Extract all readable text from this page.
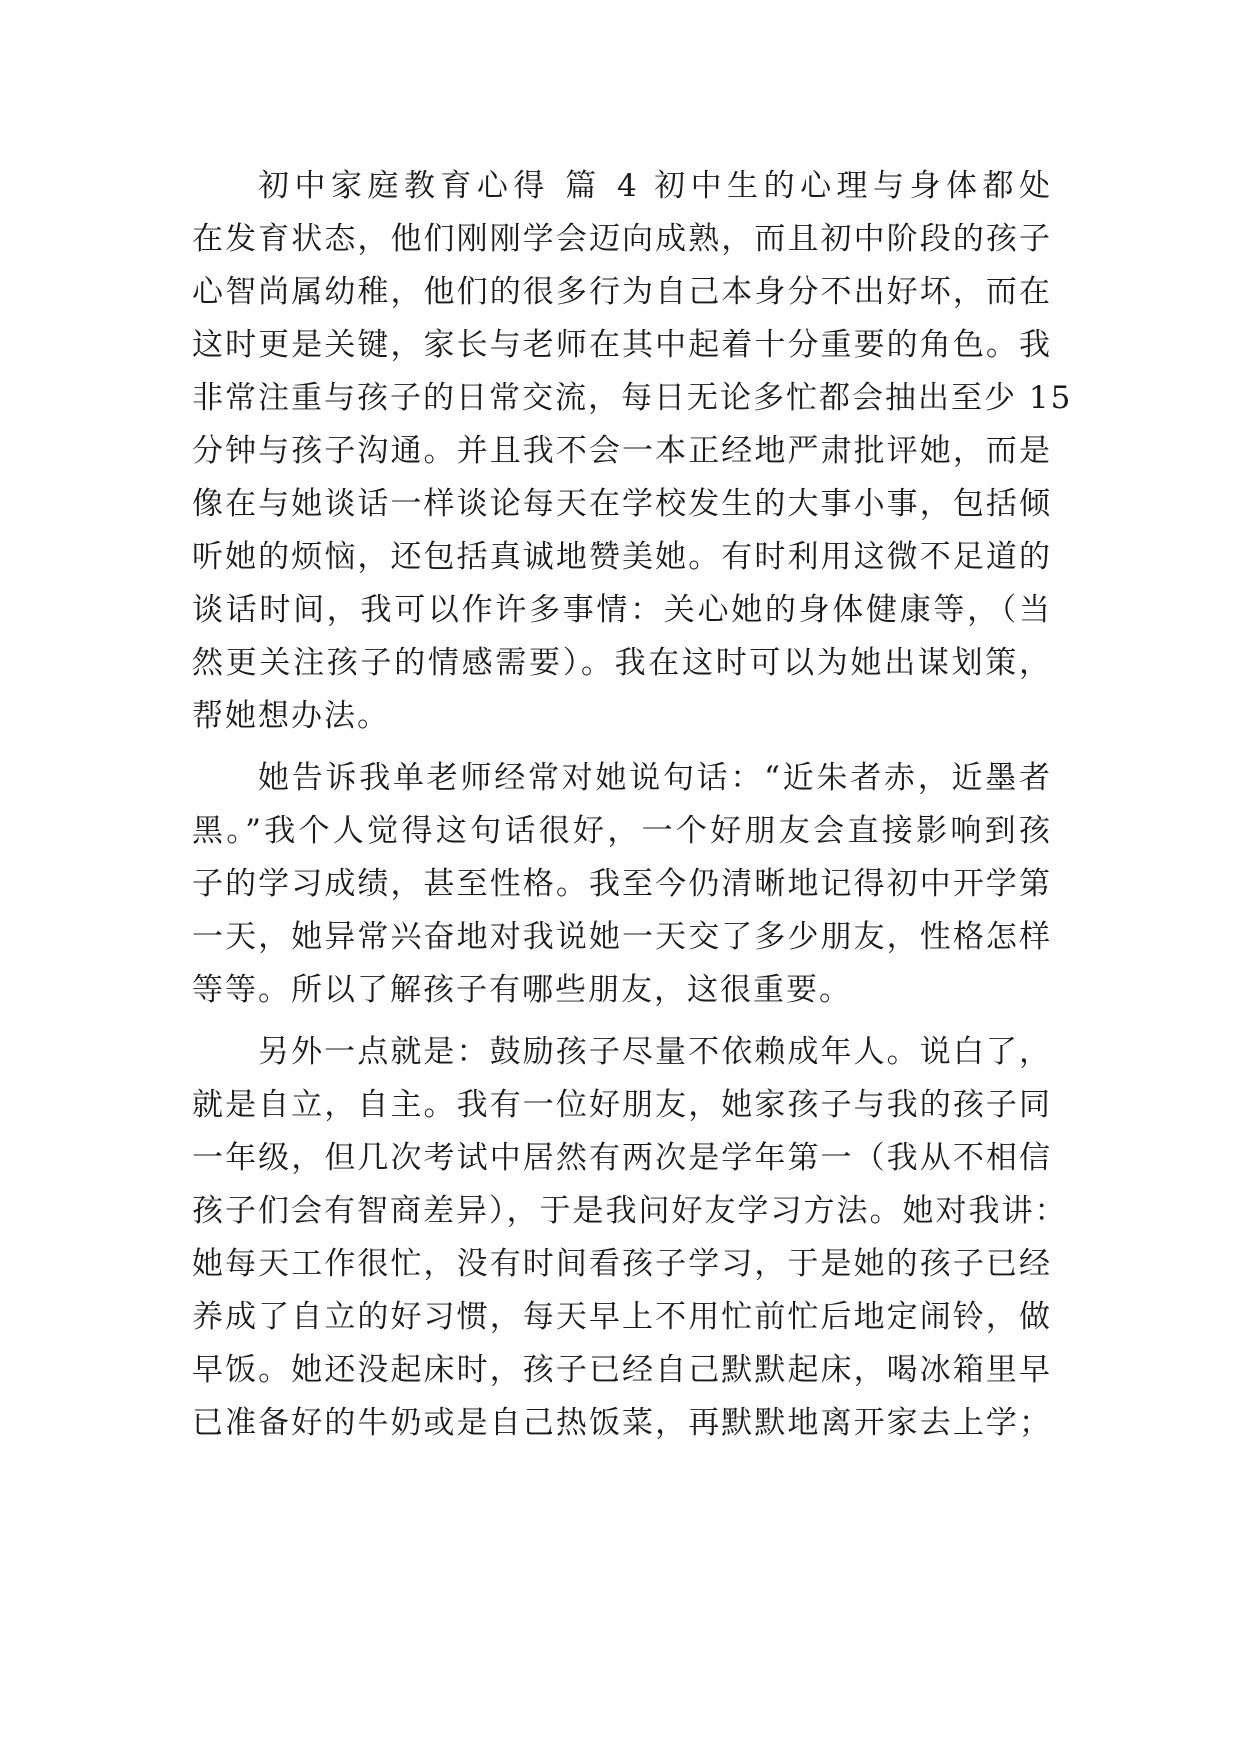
初中家庭教育心得 篇 4 初中生的心理与身体都处
在发育状态，他们刚刚学会迈向成熟，而且初中阶段的孩子
心智尚属幼稚，他们的很多行为自己本身分不出好坏，而在
这时更是关键，家长与老师在其中起着十分重要的角色。我
非常注重与孩子的日常交流，每日无论多忙都会抽出至少 15
分钟与孩子沟通。并且我不会一本正经地严肃批评她，而是
像在与她谈话一样谈论每天在学校发生的大事小事，包括倾
听她的烦恼，还包括真诚地赞美她。有时利用这微不足道的
谈话时间，我可以作许多事情：关心她的身体健康等，（当
然更关注孩子的情感需要）。我在这时可以为她出谋划策，
帮她想办法。
她告诉我单老师经常对她说句话：“近朱者赤，近墨者
黑。”我个人觉得这句话很好，一个好朋友会直接影响到孩
子的学习成绩，甚至性格。我至今仍清晰地记得初中开学第
一天，她异常兴奋地对我说她一天交了多少朋友，性格怎样
等等。所以了解孩子有哪些朋友，这很重要。
另外一点就是：鼓励孩子尽量不依赖成年人。说白了，
就是自立，自主。我有一位好朋友，她家孩子与我的孩子同
一年级，但几次考试中居然有两次是学年第一（我从不相信
孩子们会有智商差异），于是我问好友学习方法。她对我讲：
她每天工作很忙，没有时间看孩子学习，于是她的孩子已经
养成了自立的好习惯，每天早上不用忙前忙后地定闹铃，做
早饭。她还没起床时，孩子已经自己默默起床，喝冰箱里早
已准备好的牛奶或是自己热饭菜，再默默地离开家去上学；
